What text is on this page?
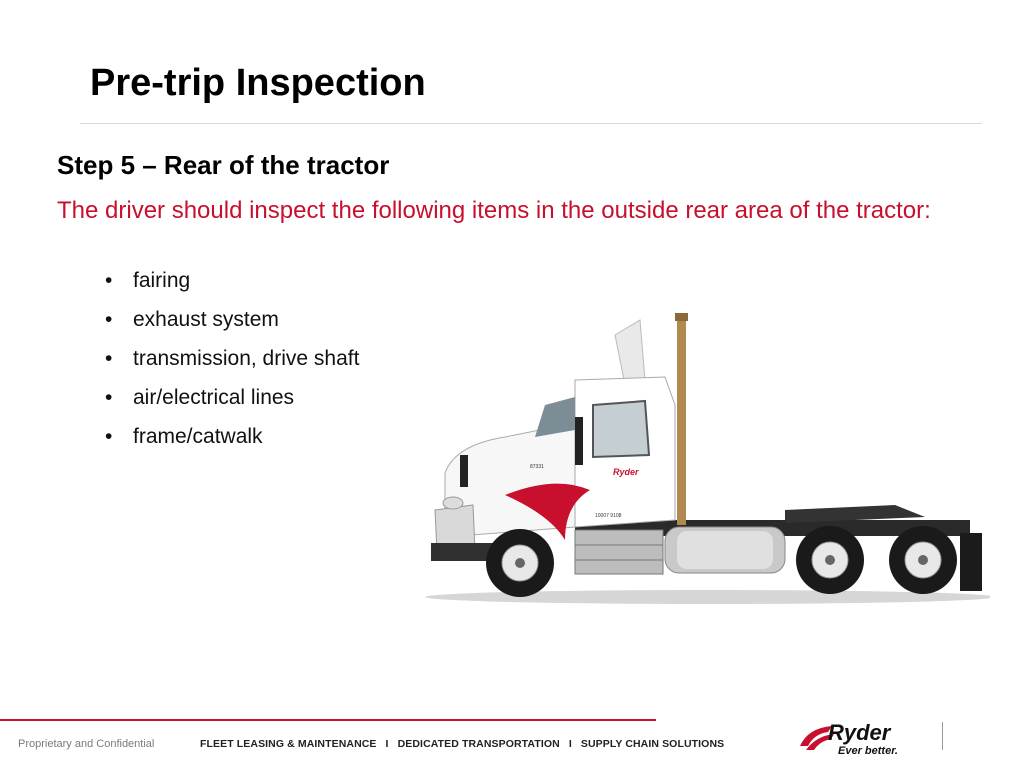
Pre-trip Inspection
Step 5 – Rear of the tractor

The driver should inspect the following items in the outside rear area of the tractor:

• fairing
• exhaust system
• transmission, drive shaft
• air/electrical lines
• frame/catwalk
Ryder
10007 9108
87331
Proprietary and Confidential	FLEET LEASING & MAINTENANCE I DEDICATED TRANSPORTATION I SUPPLY CHAIN SOLUTIONS	Ryder
Ever better.
